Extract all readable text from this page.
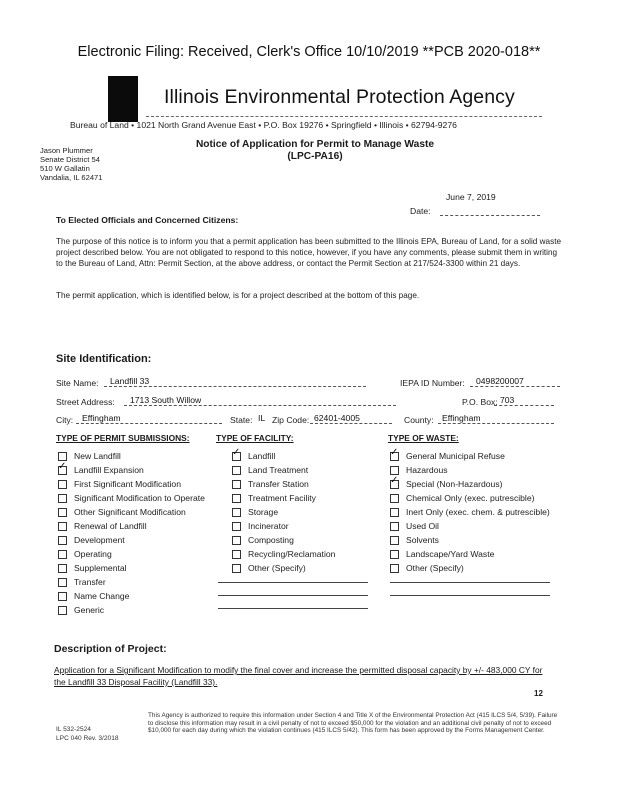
Electronic Filing: Received, Clerk's Office 10/10/2019 **PCB 2020-018**
Illinois Environmental Protection Agency
Bureau of Land • 1021 North Grand Avenue East • P.O. Box 19276 • Springfield • Illinois • 62794-9276
Jason Plummer
Senate District 54
510 W Gallatin
Vandalia, IL 62471
Notice of Application for Permit to Manage Waste
(LPC-PA16)
June 7, 2019
Date:
To Elected Officials and Concerned Citizens:
The purpose of this notice is to inform you that a permit application has been submitted to the Illinois EPA, Bureau of Land, for a solid waste project described below. You are not obligated to respond to this notice, however, if you have any comments, please submit them in writing to the Bureau of Land, Attn: Permit Section, at the above address, or contact the Permit Section at 217/524-3300 within 21 days.
The permit application, which is identified below, is for a project described at the bottom of this page.
Site Identification:
Site Name: Landfill 33	IEPA ID Number: 0498200007
Street Address: 1713 South Willow	P.O. Box: 703
City: Effingham	State: IL Zip Code: 62401-4005	County: Effingham
TYPE OF PERMIT SUBMISSIONS:	TYPE OF FACILITY:	TYPE OF WASTE:
New Landfill
✓
Landfill Expansion
First Significant Modification
Significant Modification to Operate
Other Significant Modification
Renewal of Landfill
Development
Operating
Supplemental
Transfer
Name Change
Generic
✓
Landfill
Land Treatment
Transfer Station
Treatment Facility
Storage
Incinerator
Composting
Recycling/Reclamation
Other (Specify)
✓
General Municipal Refuse
Hazardous
✓
Special (Non-Hazardous)
Chemical Only (exec. putrescible)
Inert Only (exec. chem. & putrescible)
Used Oil
Solvents
Landscape/Yard Waste
Other (Specify)
Description of Project:
Application for a Significant Modification to modify the final cover and increase the permitted disposal capacity by +/- 483,000 CY for the Landfill 33 Disposal Facility (Landfill 33).
12
IL 532-2524
LPC 040 Rev. 3/2018
This Agency is authorized to require this information under Section 4 and Title X of the Environmental Protection Act (415 ILCS 5/4, 5/39). Failure to disclose this information may result in a civil penalty of not to exceed $50,000 for the violation and an additional civil penalty of not to exceed $10,000 for each day during which the violation continues (415 ILCS 5/42). This form has been approved by the Forms Management Center.
